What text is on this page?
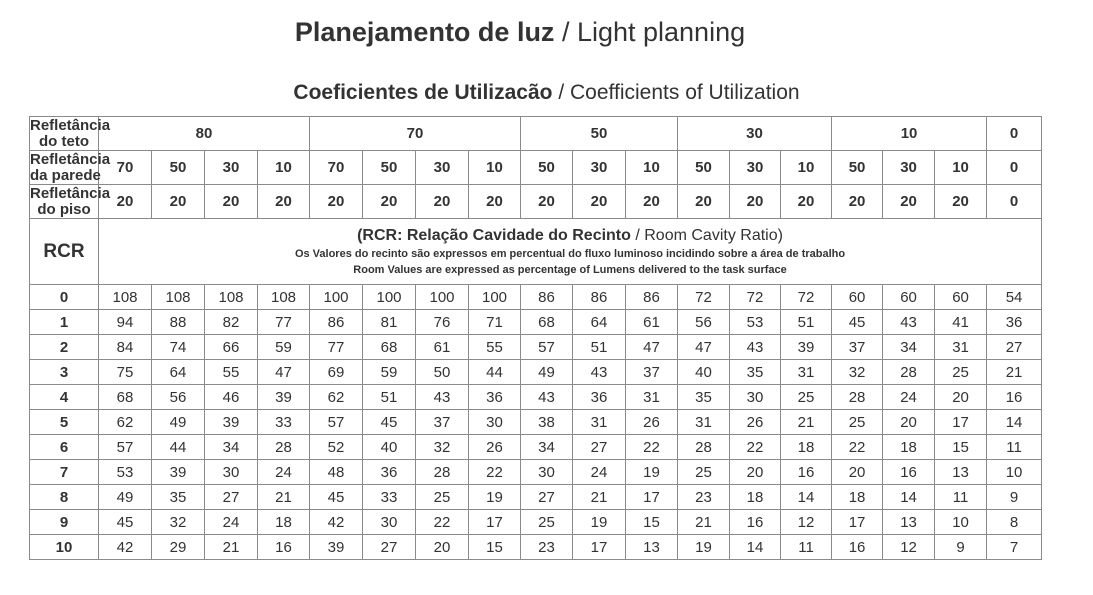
Planejamento de luz / Light planning
Coeficientes de Utilizacão / Coefficients of Utilization
Refletância
do teto	80				70				50			30			10			0
Refletância
da parede	70	50	30	10	70	50	30	10	50	30	10	50	30	10	50	30	10	0
Refletância
do piso	20	20	20	20	20	20	20	20	20	20	20	20	20	20	20	20	20	0
RCR	(RCR: Relação Cavidade do Recinto / Room Cavity Ratio)
Os Valores do recinto são expressos em percentual do fluxo luminoso incidindo sobre a área de trabalho
Room Values are expressed as percentage of Lumens delivered to the task surface																	

0	108	108	108	108	100	100	100	100	86	86	86	72	72	72	60	60	60	54
1	94	88	82	77	86	81	76	71	68	64	61	56	53	51	45	43	41	36
2	84	74	66	59	77	68	61	55	57	51	47	47	43	39	37	34	31	27
3	75	64	55	47	69	59	50	44	49	43	37	40	35	31	32	28	25	21
4	68	56	46	39	62	51	43	36	43	36	31	35	30	25	28	24	20	16
5	62	49	39	33	57	45	37	30	38	31	26	31	26	21	25	20	17	14
6	57	44	34	28	52	40	32	26	34	27	22	28	22	18	22	18	15	11
7	53	39	30	24	48	36	28	22	30	24	19	25	20	16	20	16	13	10
8	49	35	27	21	45	33	25	19	27	21	17	23	18	14	18	14	11	9
9	45	32	24	18	42	30	22	17	25	19	15	21	16	12	17	13	10	8
10	42	29	21	16	39	27	20	15	23	17	13	19	14	11	16	12	9	7
